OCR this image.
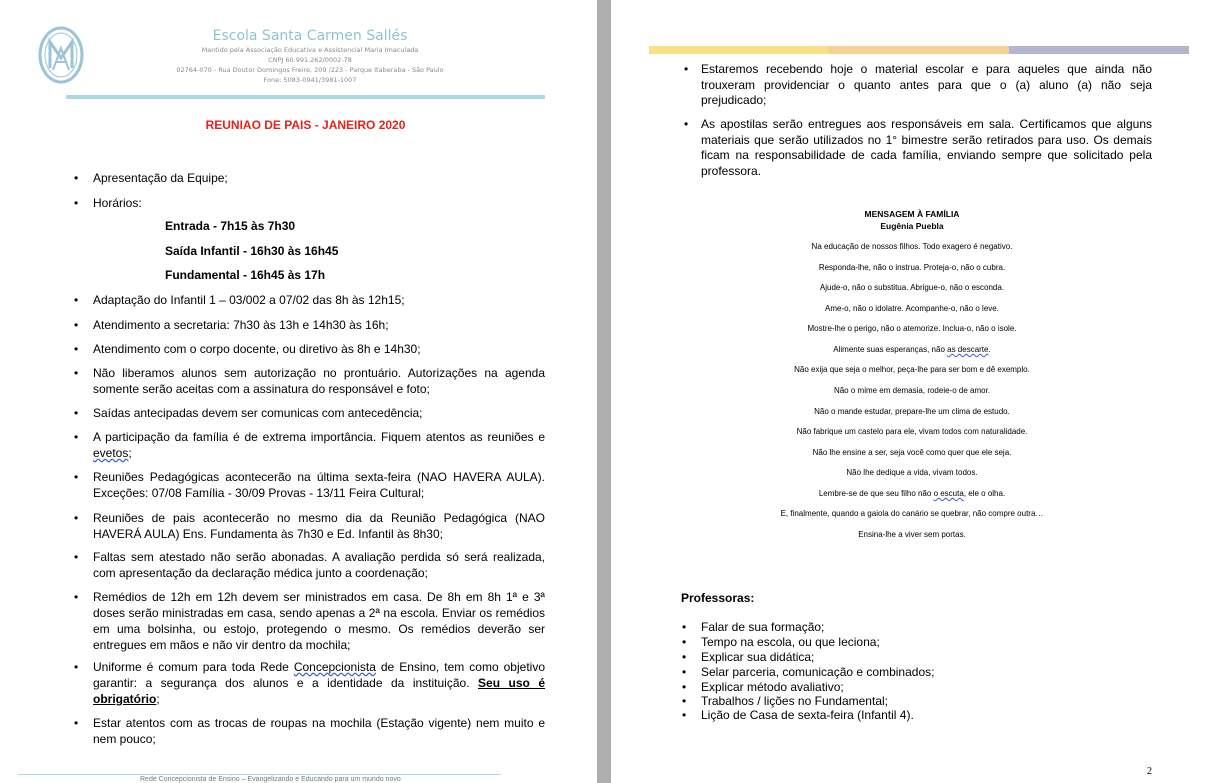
Escola Santa Carmen Sallés
Mantido pela Associação Educativa e Assistencial Maria Imaculada
CNPJ 60.991.262/0002-78
02764-070 - Rua Doutor Domingos Freire, 209 /223 - Parque Itaberaba - São Paulo
Fone: 5083-0941/3981-1007
REUNIAO DE PAIS - JANEIRO 2020
• Apresentação da Equipe;
• Horários:
Entrada - 7h15 às 7h30
Saída Infantil - 16h30 às 16h45
Fundamental - 16h45 às 17h
• Adaptação do Infantil 1 – 03/002 a 07/02 das 8h às 12h15;
• Atendimento a secretaria: 7h30 às 13h e 14h30 às 16h;
• Atendimento com o corpo docente, ou diretivo às 8h e 14h30;
• Não liberamos alunos sem autorização no prontuário. Autorizações na agenda somente serão aceitas com a assinatura do responsável e foto;
• Saídas antecipadas devem ser comunicas com antecedência;
• A participação da família é de extrema importância. Fiquem atentos as reuniões e evetos;
• Reuniões Pedagógicas acontecerão na última sexta-feira (NAO HAVERA AULA). Exceções: 07/08 Família - 30/09 Provas - 13/11 Feira Cultural;
• Reuniões de pais acontecerão no mesmo dia da Reunião Pedagógica (NAO HAVERÁ AULA) Ens. Fundamenta às 7h30 e Ed. Infantil às 8h30;
• Faltas sem atestado não serão abonadas. A avaliação perdida só será realizada, com apresentação da declaração médica junto a coordenação;
• Remédios de 12h em 12h devem ser ministrados em casa. De 8h em 8h 1ª e 3ª doses serão ministradas em casa, sendo apenas a 2ª na escola. Enviar os remédios em uma bolsinha, ou estojo, protegendo o mesmo. Os remédios deverão ser entregues em mãos e não vir dentro da mochila;
• Uniforme é comum para toda Rede Concepcionista de Ensino, tem como objetivo garantir: a segurança dos alunos e a identidade da instituição. Seu uso é obrigatório;
• Estar atentos com as trocas de roupas na mochila (Estação vigente) nem muito e nem pouco;
Rede Concepcionista de Ensino – Evangelizando e Educando para um mundo novo
• Estaremos recebendo hoje o material escolar e para aqueles que ainda não trouxeram providenciar o quanto antes para que o (a) aluno (a) não seja prejudicado;
• As apostilas serão entregues aos responsáveis em sala. Certificamos que alguns materiais que serão utilizados no 1° bimestre serão retirados para uso. Os demais ficam na responsabilidade de cada família, enviando sempre que solicitado pela professora.
MENSAGEM À FAMÍLIA
Eugênia Puebla
Na educação de nossos filhos. Todo exagero é negativo.
Responda-lhe, não o instrua. Proteja-o, não o cubra.
Ajude-o, não o substitua. Abrigue-o, não o esconda.
Ame-o, não o idolatre. Acompanhe-o, não o leve.
Mostre-lhe o perigo, não o atemorize. Inclua-o, não o isole.
Alimente suas esperanças, não as descarte.
Não exija que seja o melhor, peça-lhe para ser bom e dê exemplo.
Não o mime em demasia, rodeie-o de amor.
Não o mande estudar, prepare-lhe um clima de estudo.
Não fabrique um castelo para ele, vivam todos com naturalidade.
Não lhe ensine a ser, seja você como quer que ele seja.
Não lhe dedique a vida, vivam todos.
Lembre-se de que seu filho não o escuta, ele o olha.
E, finalmente, quando a gaiola do canário se quebrar, não compre outra…
Ensina-lhe a viver sem portas.
Professoras:
• Falar de sua formação;
• Tempo na escola, ou que leciona;
• Explicar sua didática;
• Selar parceria, comunicação e combinados;
• Explicar método avaliativo;
• Trabalhos / lições no Fundamental;
• Lição de Casa de sexta-feira (Infantil 4).
2
